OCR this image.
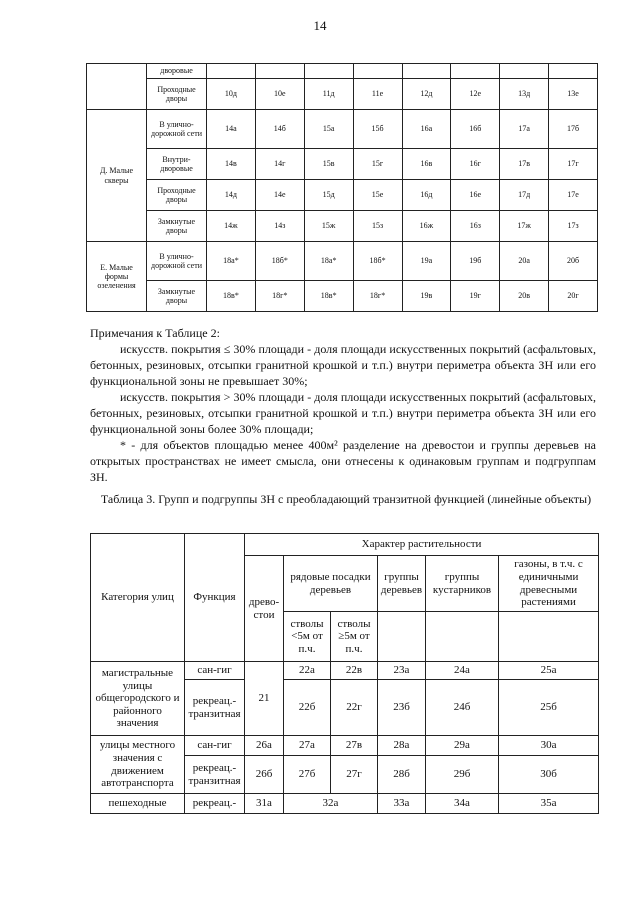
14
	дворовые								
	Проходные дворы	10д	10е	11д	11е	12д	12е	13д	13е
Д. Малые скверы	В улично-дорожной сети	14а	14б	15а	15б	16а	16б	17а	17б
	Внутри-дворовые	14в	14г	15в	15г	16в	16г	17в	17г
	Проходные дворы	14д	14е	15д	15е	16д	16е	17д	17е
	Замкнутые дворы	14ж	14з	15ж	15з	16ж	16з	17ж	17з
Е. Малые формы озеленения	В улично-дорожной сети	18а*	18б*	18а*	18б*	19а	19б	20а	20б
	Замкнутые дворы	18в*	18г*	18в*	18г*	19в	19г	20в	20г

Примечания к Таблице 2:

искусств. покрытия ≤ 30% площади - доля площади искусственных покрытий (асфальтовых, бетонных, резиновых, отсыпки гранитной крошкой и т.п.) внутри периметра объекта ЗН или его функциональной зоны не превышает 30%;

искусств. покрытия > 30% площади - доля площади искусственных покрытий (асфальтовых, бетонных, резиновых, отсыпки гранитной крошкой и т.п.) внутри периметра объекта ЗН или его функциональной зоны более 30% площади;

* - для объектов площадью менее 400м² разделение на древостои и группы деревьев на открытых пространствах не имеет смысла, они отнесены к одинаковым группам и подгруппам ЗН.

Таблица 3. Групп и подгруппы ЗН с преобладающий транзитной функцией (линейные объекты)
Категория улиц	Функция	Характер растительности					
		древо-стои	рядовые посадки деревьев		группы деревьев	группы кустарников	газоны, в т.ч. с единичными древесными растениями
			стволы <5м от п.ч.	стволы ≥5м от п.ч.			
магистральные улицы общегородского и районного значения	сан-гиг	21	22а	22в	23а	24а	25а
	рекреац.-транзитная		22б	22г	23б	24б	25б
улицы местного значения с движением автотранспорта	сан-гиг	26а	27а	27в	28а	29а	30а
	рекреац.-транзитная	26б	27б	27г	28б	29б	30б
пешеходные	рекреац.-	31а	32а		33а	34а	35а
